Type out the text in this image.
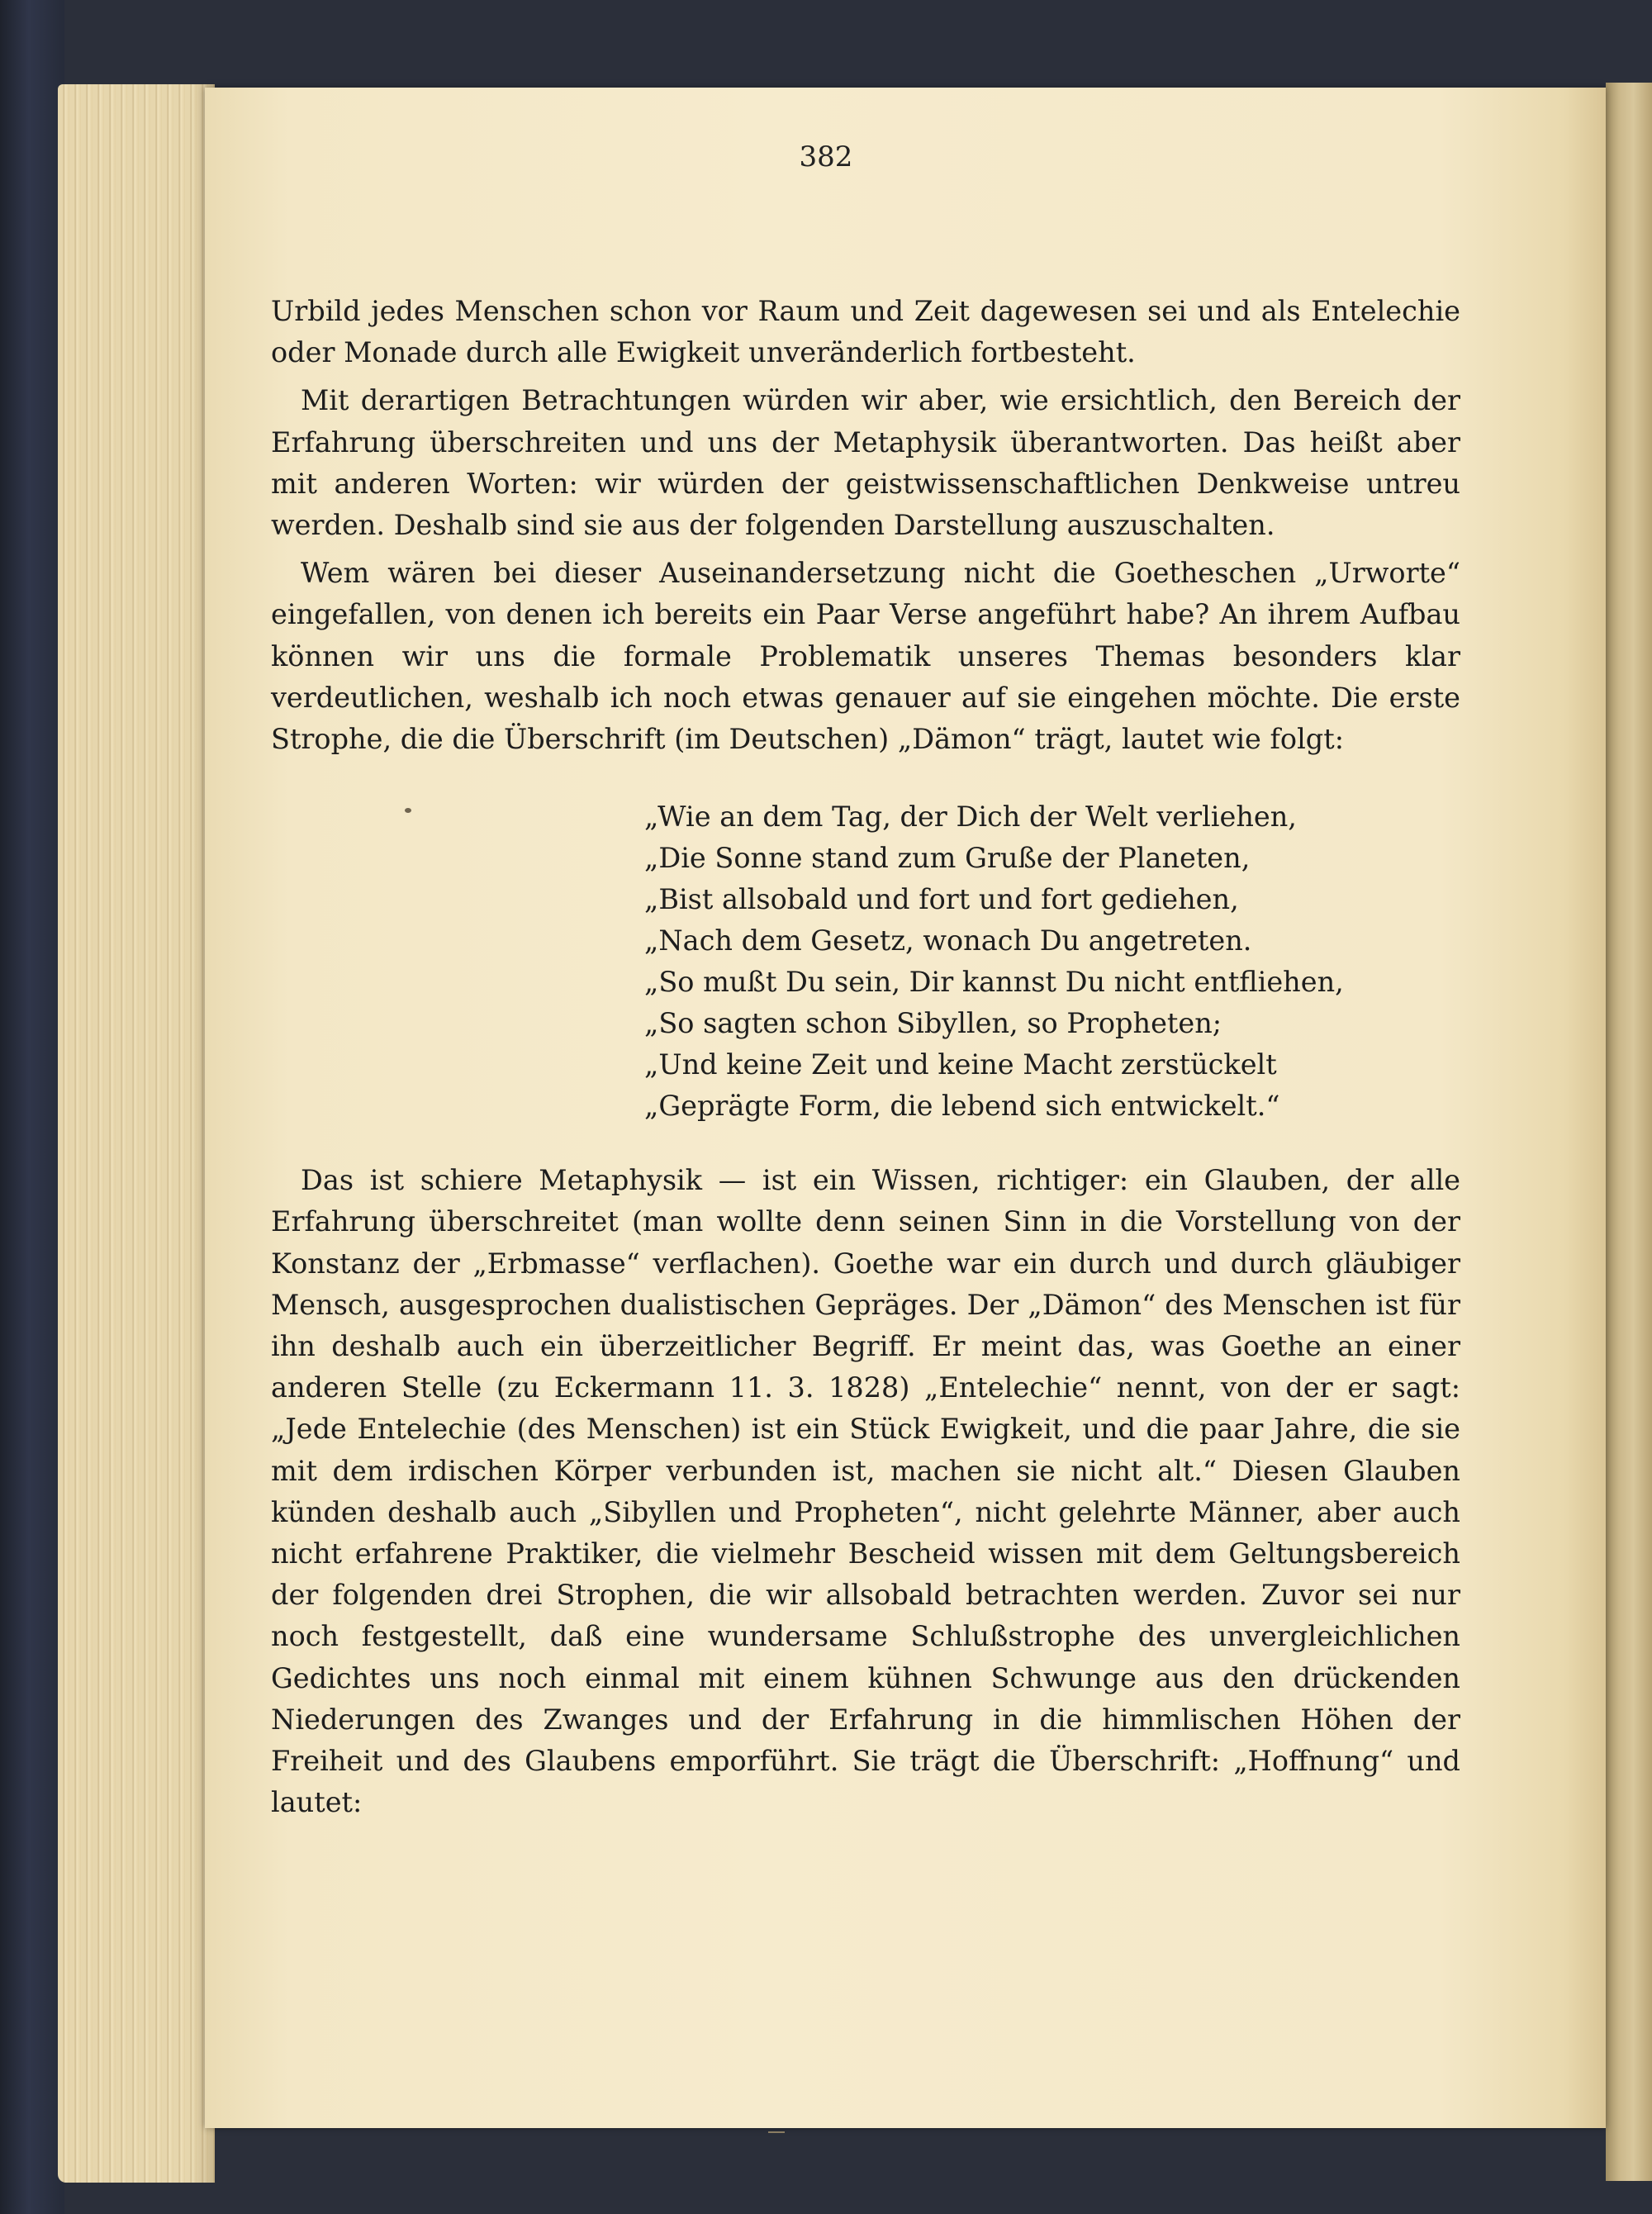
382

Urbild jedes Menschen schon vor Raum und Zeit dagewesen sei und als Entelechie oder Monade durch alle Ewigkeit unveränderlich fortbesteht.

Mit derartigen Betrachtungen würden wir aber, wie ersichtlich, den Bereich der Erfahrung überschreiten und uns der Metaphysik überantworten. Das heißt aber mit anderen Worten: wir würden der geistwissenschaftlichen Denkweise untreu werden. Deshalb sind sie aus der folgenden Darstellung auszuschalten.

Wem wären bei dieser Auseinandersetzung nicht die Goetheschen „Urworte“ eingefallen, von denen ich bereits ein Paar Verse angeführt habe? An ihrem Aufbau können wir uns die formale Problematik unseres Themas besonders klar verdeutlichen, weshalb ich noch etwas genauer auf sie eingehen möchte. Die erste Strophe, die die Überschrift (im Deutschen) „Dämon“ trägt, lautet wie folgt:

„Wie an dem Tag, der Dich der Welt verliehen,
„Die Sonne stand zum Gruße der Planeten,
„Bist allsobald und fort und fort gediehen,
„Nach dem Gesetz, wonach Du angetreten.
„So mußt Du sein, Dir kannst Du nicht entfliehen,
„So sagten schon Sibyllen, so Propheten;
„Und keine Zeit und keine Macht zerstückelt
„Geprägte Form, die lebend sich entwickelt.“

Das ist schiere Metaphysik — ist ein Wissen, richtiger: ein Glauben, der alle Erfahrung überschreitet (man wollte denn seinen Sinn in die Vorstellung von der Konstanz der „Erbmasse“ verflachen). Goethe war ein durch und durch gläubiger Mensch, ausgesprochen dualistischen Gepräges. Der „Dämon“ des Menschen ist für ihn deshalb auch ein überzeitlicher Begriff. Er meint das, was Goethe an einer anderen Stelle (zu Eckermann 11. 3. 1828) „Entelechie“ nennt, von der er sagt: „Jede Entelechie (des Menschen) ist ein Stück Ewigkeit, und die paar Jahre, die sie mit dem irdischen Körper verbunden ist, machen sie nicht alt.“ Diesen Glauben künden deshalb auch „Sibyllen und Propheten“, nicht gelehrte Männer, aber auch nicht erfahrene Praktiker, die vielmehr Bescheid wissen mit dem Geltungsbereich der folgenden drei Strophen, die wir allsobald betrachten werden. Zuvor sei nur noch festgestellt, daß eine wundersame Schlußstrophe des unvergleichlichen Gedichtes uns noch einmal mit einem kühnen Schwunge aus den drückenden Niederungen des Zwanges und der Erfahrung in die himmlischen Höhen der Freiheit und des Glaubens emporführt. Sie trägt die Überschrift: „Hoffnung“ und lautet:
